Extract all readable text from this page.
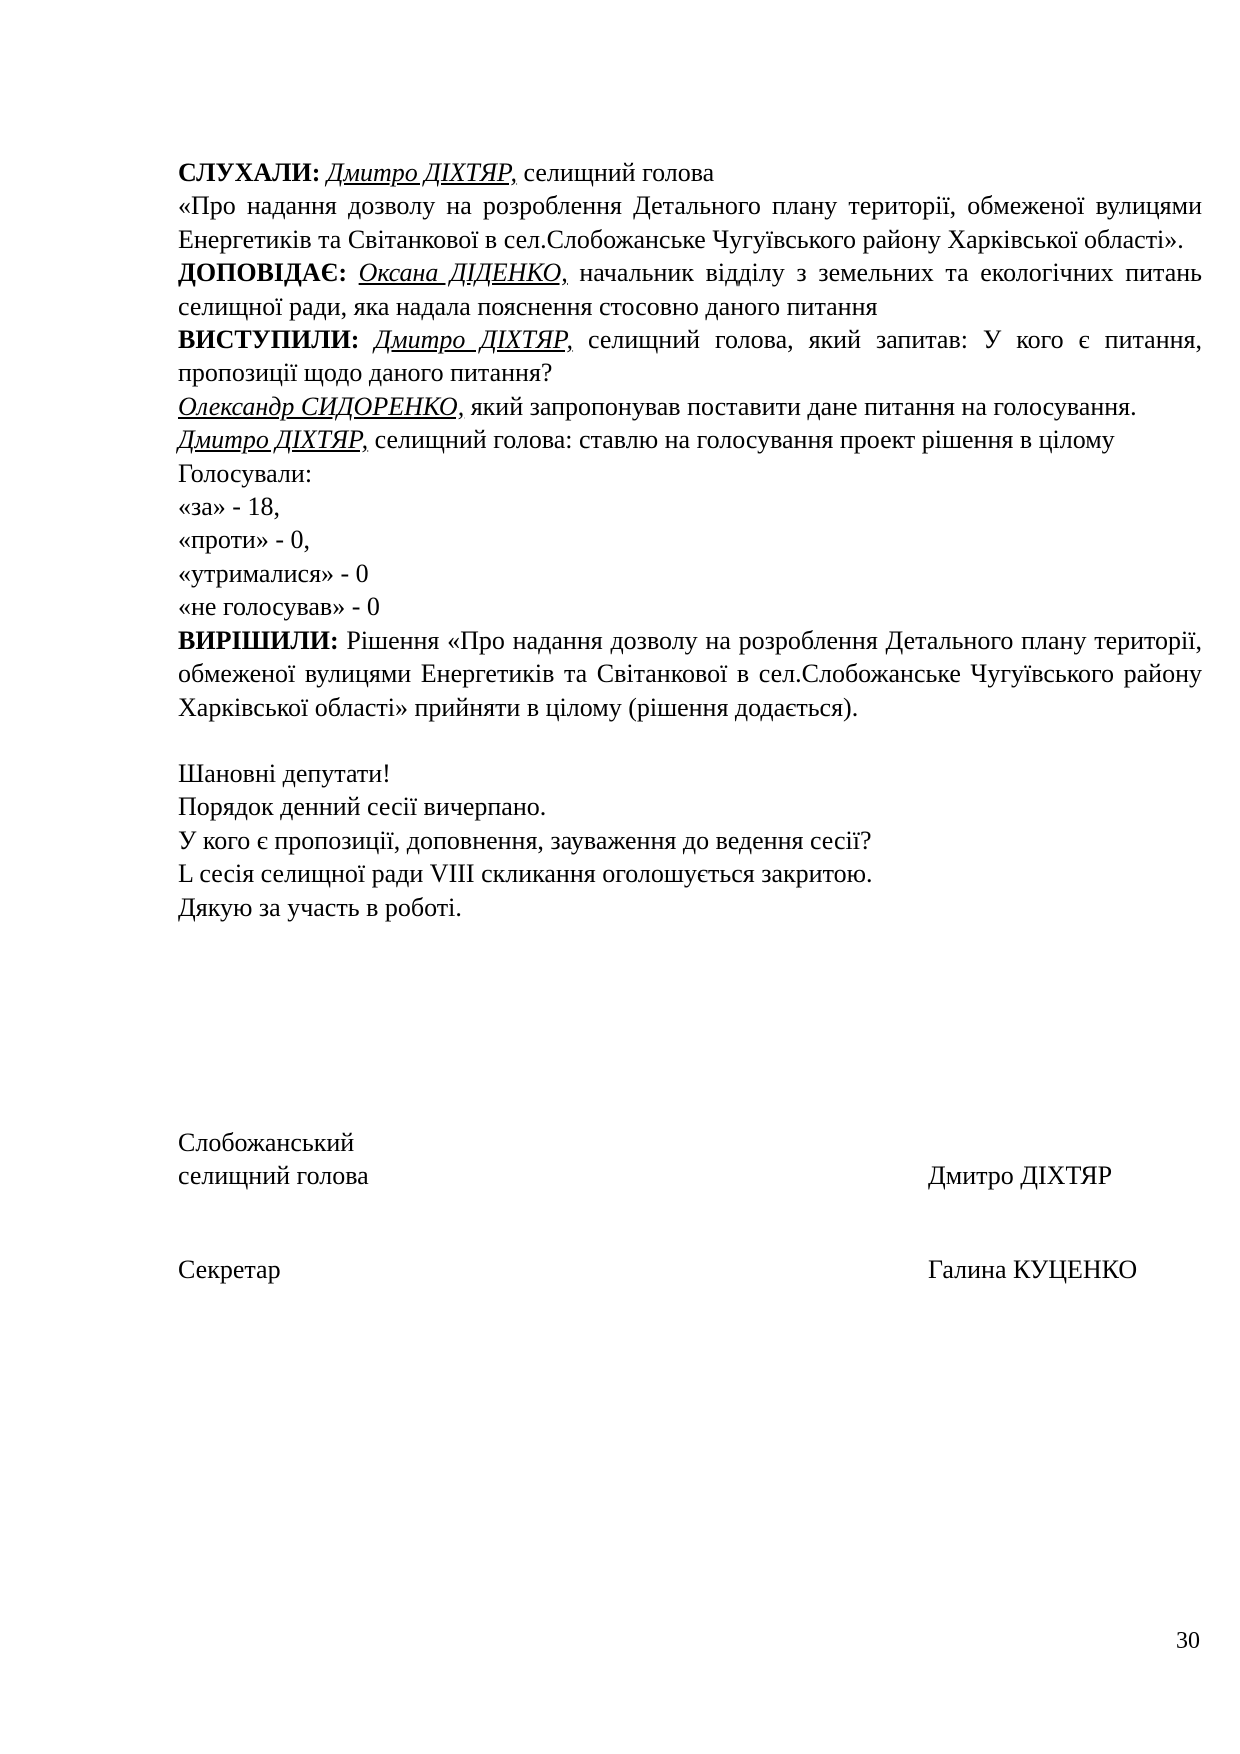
СЛУХАЛИ: Дмитро ДІХТЯР, селищний голова

«Про надання дозволу на розроблення Детального плану території, обмеженої вулицями Енергетиків та Світанкової в сел.Слобожанське Чугуївського району Харківської області».

ДОПОВІДАЄ: Оксана ДІДЕНКО, начальник відділу з земельних та екологічних питань селищної ради, яка надала пояснення стосовно даного питання

ВИСТУПИЛИ: Дмитро ДІХТЯР, селищний голова, який запитав: У кого є питання, пропозиції щодо даного питання?

Олександр СИДОРЕНКО, який запропонував поставити дане питання на голосування.

Дмитро ДІХТЯР, селищний голова: ставлю на голосування проект рішення в цілому

Голосували:
«за» - 18,
«проти» - 0,
«утрималися» - 0
«не голосував» - 0

ВИРІШИЛИ: Рішення «Про надання дозволу на розроблення Детального плану території, обмеженої вулицями Енергетиків та Світанкової в сел.Слобожанське Чугуївського району Харківської області» прийняти в цілому (рішення додається).

Шановні депутати!
Порядок денний сесії вичерпано.
У кого є пропозиції, доповнення, зауваження до ведення сесії?
L сесія селищної ради VIII скликання оголошується закритою.
Дякую за участь в роботі.
Слобожанський
селищний голова	Дмитро ДІХТЯР
Секретар	Галина КУЦЕНКО
30
